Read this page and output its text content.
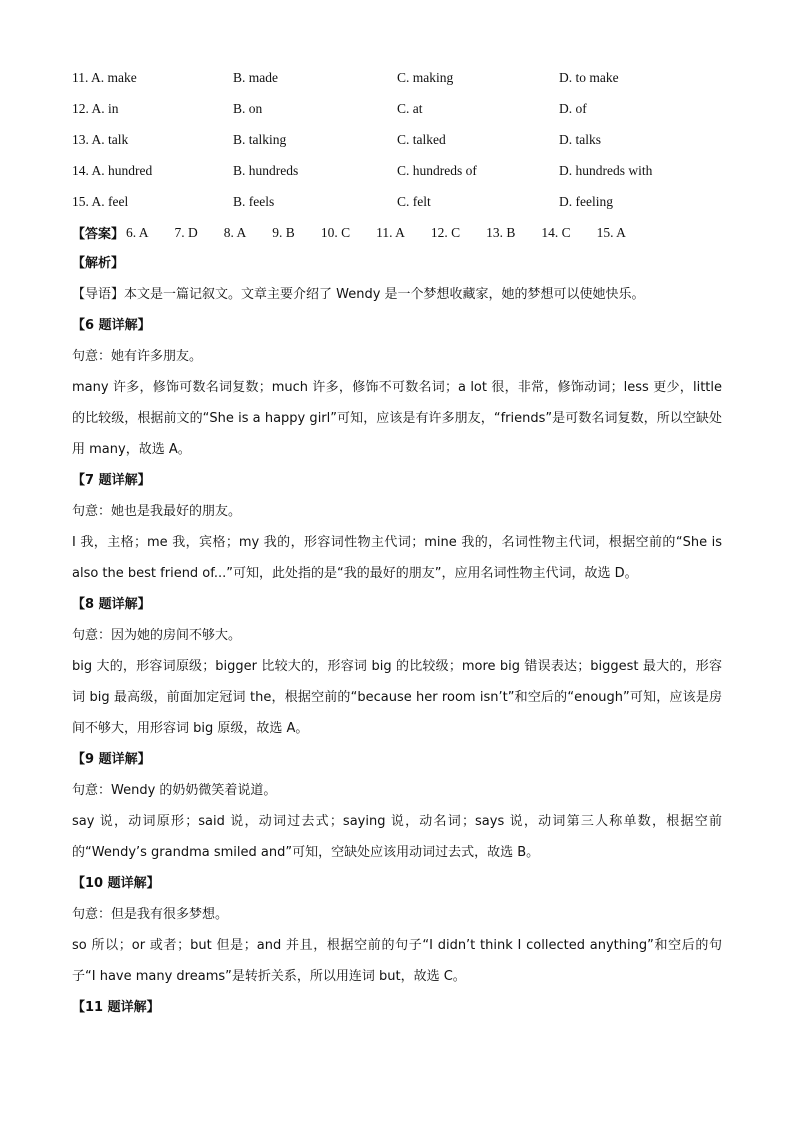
11. A. make	B. made	C. making	D. to make
12. A. in	B. on	C. at	D. of
13. A. talk	B. talking	C. talked	D. talks
14. A. hundred	B. hundreds	C. hundreds of	D. hundreds with
15. A. feel	B. feels	C. felt	D. feeling
【答案】 6. A 7. D 8. A 9. B 10. C 11. A 12. C 13. B 14. C 15. A
【解析】
【导语】本文是一篇记叙文。文章主要介绍了 Wendy 是一个梦想收藏家，她的梦想可以使她快乐。
【6 题详解】
句意：她有许多朋友。
many 许多，修饰可数名词复数；much 许多，修饰不可数名词；a lot 很，非常，修饰动词；less 更少，little 的比较级，根据前文的“She is a happy girl”可知，应该是有许多朋友，“friends”是可数名词复数，所以空缺处用 many，故选 A。
【7 题详解】
句意：她也是我最好的朋友。
I 我，主格；me 我，宾格；my 我的，形容词性物主代词；mine 我的，名词性物主代词，根据空前的“She is also the best friend of...”可知，此处指的是“我的最好的朋友”，应用名词性物主代词，故选 D。
【8 题详解】
句意：因为她的房间不够大。
big 大的，形容词原级；bigger 比较大的，形容词 big 的比较级；more big 错误表达；biggest 最大的，形容词 big 最高级，前面加定冠词 the，根据空前的“because her room isn’t”和空后的“enough”可知，应该是房间不够大，用形容词 big 原级，故选 A。
【9 题详解】
句意：Wendy 的奶奶微笑着说道。
say 说，动词原形；said 说，动词过去式；saying 说，动名词；says 说，动词第三人称单数，根据空前的“Wendy’s grandma smiled and”可知，空缺处应该用动词过去式，故选 B。
【10 题详解】
句意：但是我有很多梦想。
so 所以；or 或者；but 但是；and 并且，根据空前的句子“I didn’t think I collected anything”和空后的句子“I have many dreams”是转折关系，所以用连词 but，故选 C。
【11 题详解】
